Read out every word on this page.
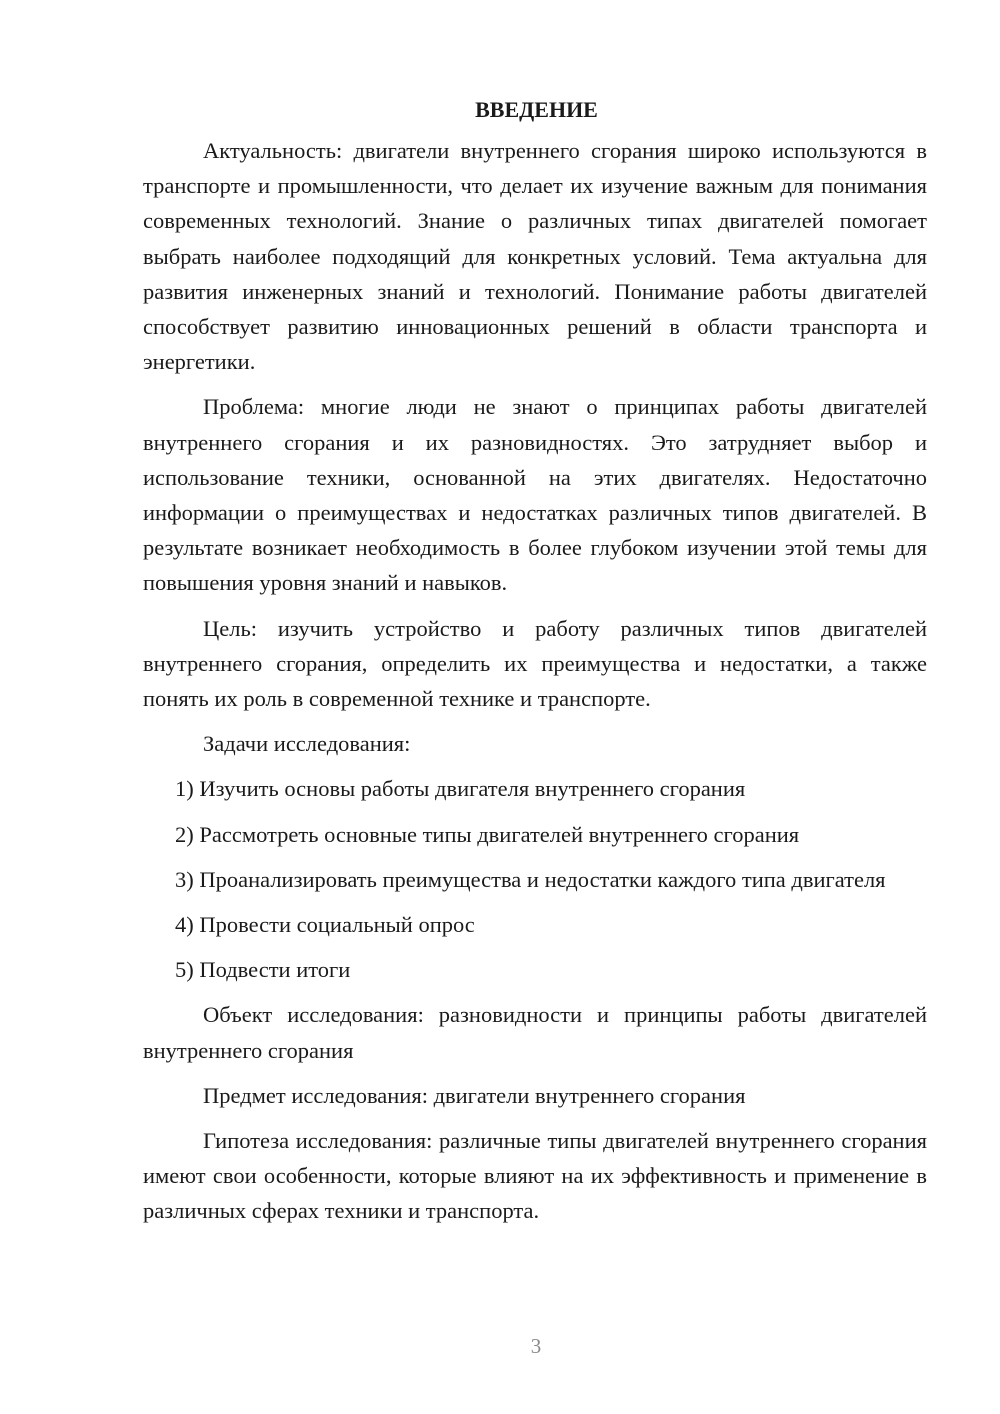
ВВЕДЕНИЕ

Актуальность: двигатели внутреннего сгорания широко используются в транспорте и промышленности, что делает их изучение важным для понимания современных технологий. Знание о различных типах двигателей помогает выбрать наиболее подходящий для конкретных условий. Тема актуальна для развития инженерных знаний и технологий. Понимание работы двигателей способствует развитию инновационных решений в области транспорта и энергетики.

Проблема: многие люди не знают о принципах работы двигателей внутреннего сгорания и их разновидностях. Это затрудняет выбор и использование техники, основанной на этих двигателях. Недостаточно информации о преимуществах и недостатках различных типов двигателей. В результате возникает необходимость в более глубоком изучении этой темы для повышения уровня знаний и навыков.

Цель: изучить устройство и работу различных типов двигателей внутреннего сгорания, определить их преимущества и недостатки, а также понять их роль в современной технике и транспорте.

Задачи исследования:

1) Изучить основы работы двигателя внутреннего сгорания

2) Рассмотреть основные типы двигателей внутреннего сгорания

3) Проанализировать преимущества и недостатки каждого типа двигателя

4) Провести социальный опрос

5) Подвести итоги

Объект исследования: разновидности и принципы работы двигателей внутреннего сгорания

Предмет исследования: двигатели внутреннего сгорания

Гипотеза исследования: различные типы двигателей внутреннего сгорания имеют свои особенности, которые влияют на их эффективность и применение в различных сферах техники и транспорта.

3
